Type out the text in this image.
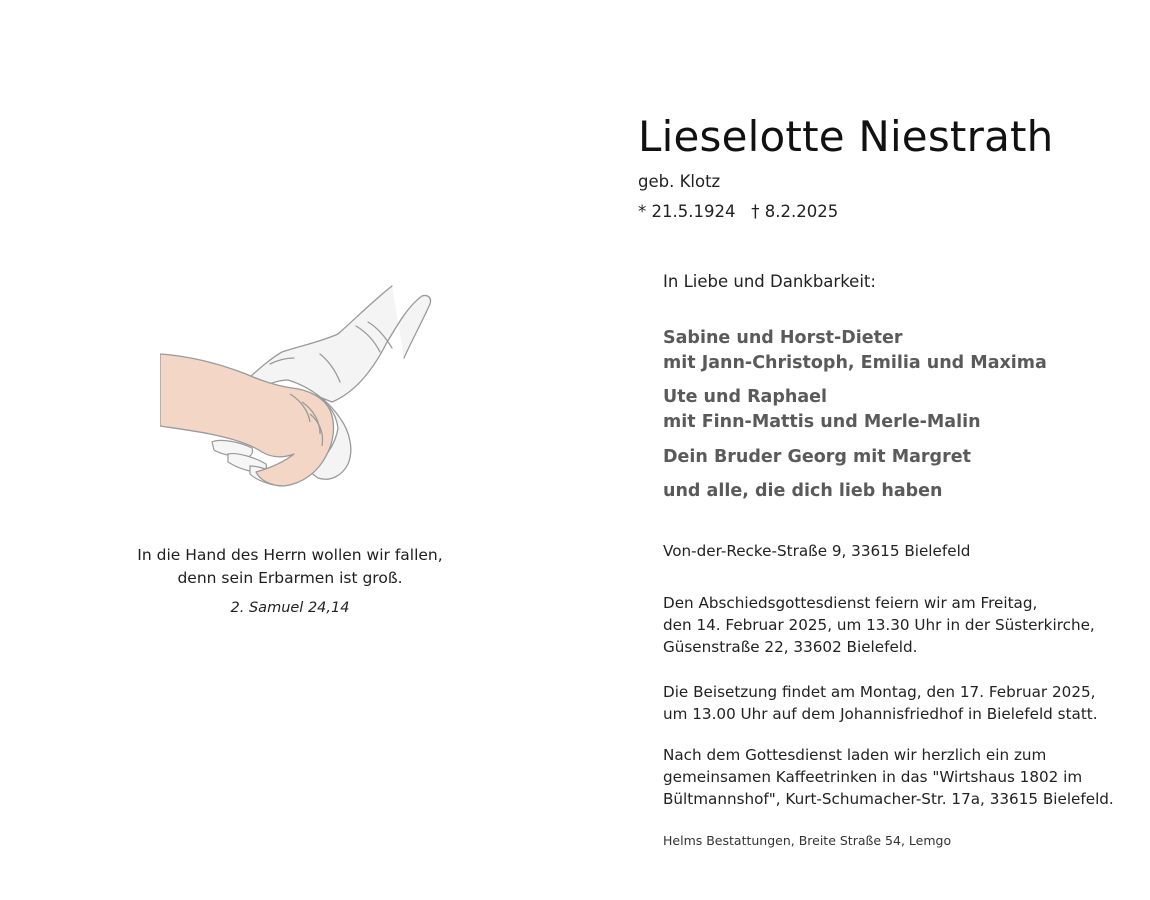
In die Hand des Herrn wollen wir fallen,
denn sein Erbarmen ist groß.
2. Samuel 24,14
Lieselotte Niestrath
geb. Klotz
* 21.5.1924 † 8.2.2025
In Liebe und Dankbarkeit:
Sabine und Horst-Dieter
mit Jann-Christoph, Emilia und Maxima
Ute und Raphael
mit Finn-Mattis und Merle-Malin
Dein Bruder Georg mit Margret
und alle, die dich lieb haben
Von-der-Recke-Straße 9, 33615 Bielefeld
Den Abschiedsgottesdienst feiern wir am Freitag,
den 14. Februar 2025, um 13.30 Uhr in der Süsterkirche,
Güsenstraße 22, 33602 Bielefeld.
Die Beisetzung findet am Montag, den 17. Februar 2025,
um 13.00 Uhr auf dem Johannisfriedhof in Bielefeld statt.
Nach dem Gottesdienst laden wir herzlich ein zum
gemeinsamen Kaffeetrinken in das "Wirtshaus 1802 im
Bültmannshof", Kurt-Schumacher-Str. 17a, 33615 Bielefeld.
Helms Bestattungen, Breite Straße 54, Lemgo
